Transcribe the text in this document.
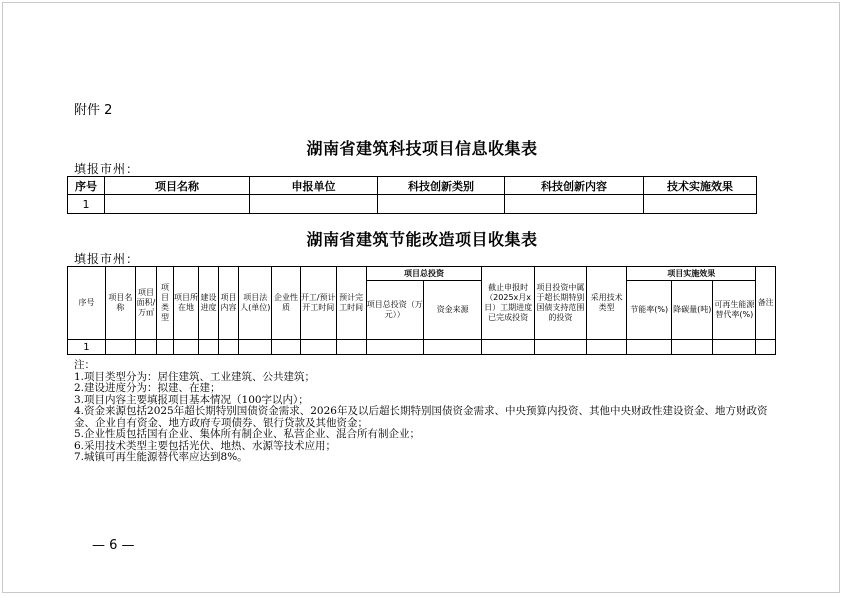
附件 2
湖南省建筑科技项目信息收集表
填报市州：
序号	项目名称	申报单位	科技创新类别	科技创新内容	技术实施效果
1					
湖南省建筑节能改造项目收集表
填报市州：
序号	项目名称	项目面积/万㎡	项目类型	项目所在地	建设进度	项目内容	项目法人(单位)	企业性质	开工/预计开工时间	预计完工时间	项目总投资		截止申报时（2025x月x日）工期进度已完成投资	项目投资中属于超长期特别国债支持范围的投资	采用技术类型	项目实施效果			备注
											项目总投资（万元））	资金来源				节能率(%)	降碳量(吨)	可再生能源替代率(%)	
1																			
注：
1.项目类型分为：居住建筑、工业建筑、公共建筑；
2.建设进度分为：拟建、在建；
3.项目内容主要填报项目基本情况（100字以内）；
4.资金来源包括2025年超长期特别国债资金需求、2026年及以后超长期特别国债资金需求、中央预算内投资、其他中央财政性建设资金、地方财政资金、企业自有资金、地方政府专项债券、银行贷款及其他资金；
5.企业性质包括国有企业、集体所有制企业、私营企业、混合所有制企业；
6.采用技术类型主要包括光伏、地热、水源等技术应用；
7.城镇可再生能源替代率应达到8%。
— 6 —
